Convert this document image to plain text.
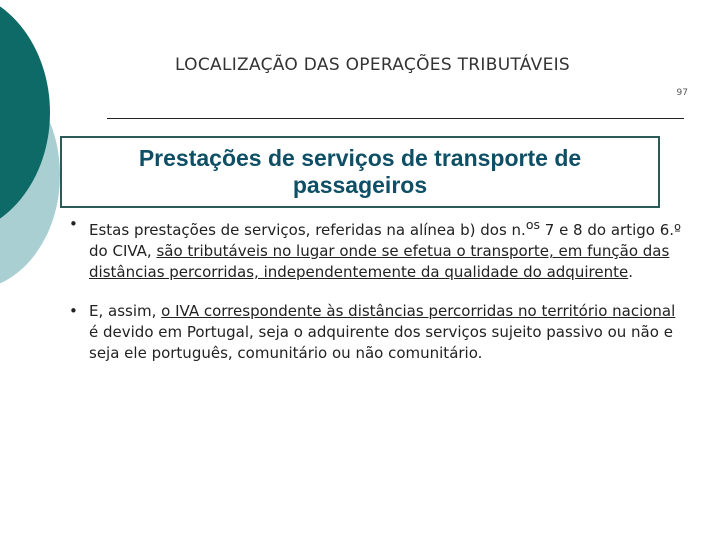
LOCALIZAÇÃO DAS OPERAÇÕES TRIBUTÁVEIS
97
Prestações de serviços de transporte de passageiros
• Estas prestações de serviços, referidas na alínea b) dos n.$^{os}$ 7 e 8 do artigo 6.º do CIVA, são tributáveis no lugar onde se efetua o transporte, em função das distâncias percorridas, independentemente da qualidade do adquirente.
• E, assim, o IVA correspondente às distâncias percorridas no território nacional é devido em Portugal, seja o adquirente dos serviços sujeito passivo ou não e seja ele português, comunitário ou não comunitário.
